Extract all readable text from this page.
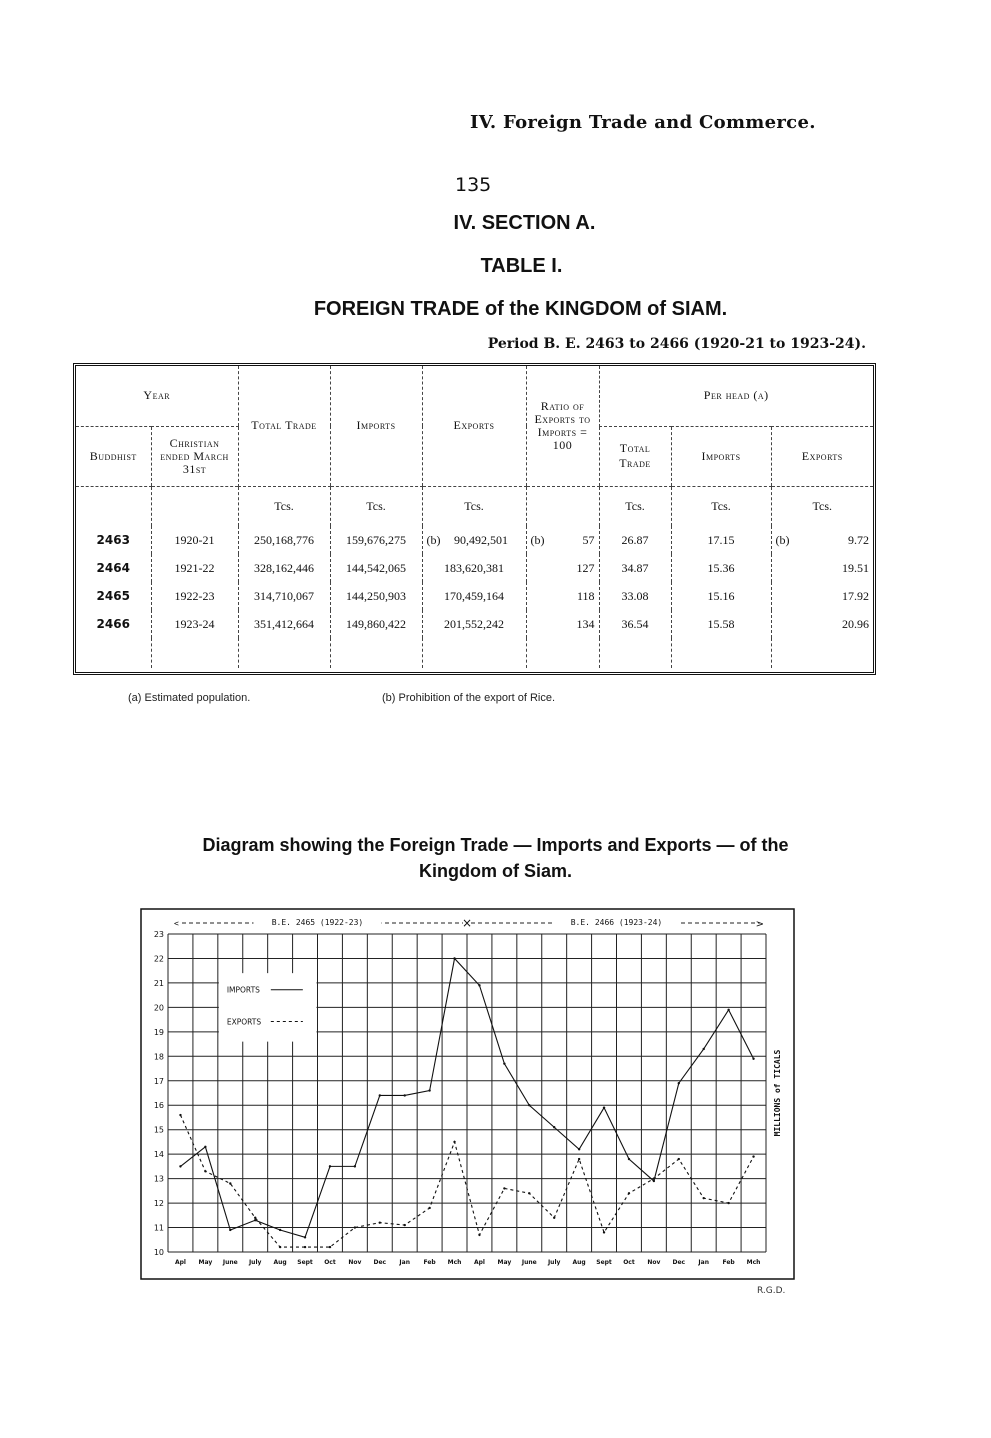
IV. Foreign Trade and Commerce.
135
IV. SECTION A.
TABLE I.
FOREIGN TRADE of the KINGDOM of SIAM.
Period B. E. 2463 to 2466 (1920-21 to 1923-24).
Year		Total Trade	Imports	Exports	Ratio of Exports to Imports = 100	Per head (a)		
Buddhist	Christian ended March 31st					Total Trade	Imports	Exports
		Tcs.	Tcs.	Tcs.		Tcs.	Tcs.	Tcs.
2463	1920-21	250,168,776	159,676,275	(b) 90,492,501	(b) 57	26.87	17.15	(b) 9.72
2464	1921-22	328,162,446	144,542,065	183,620,381	127	34.87	15.36	19.51
2465	1922-23	314,710,067	144,250,903	170,459,164	118	33.08	15.16	17.92
2466	1923-24	351,412,664	149,860,422	201,552,242	134	36.54	15.58	20.96

(a) Estimated population.	(b) Prohibition of the export of Rice.
Diagram showing the Foreign Trade — Imports and Exports — of the
Kingdom of Siam.
10
11
12
13
14
15
16
17
18
19
20
21
22
23
Apl May June July Aug Sept Oct Nov Dec Jan Feb Mch Apl May June July Aug Sept Oct Nov Dec Jan Feb Mch
<	×	>
B.E. 2465 (1922-23)	B.E. 2466 (1923-24)
IMPORTS
EXPORTS
MILLIONS of TICALS
R.G.D.
